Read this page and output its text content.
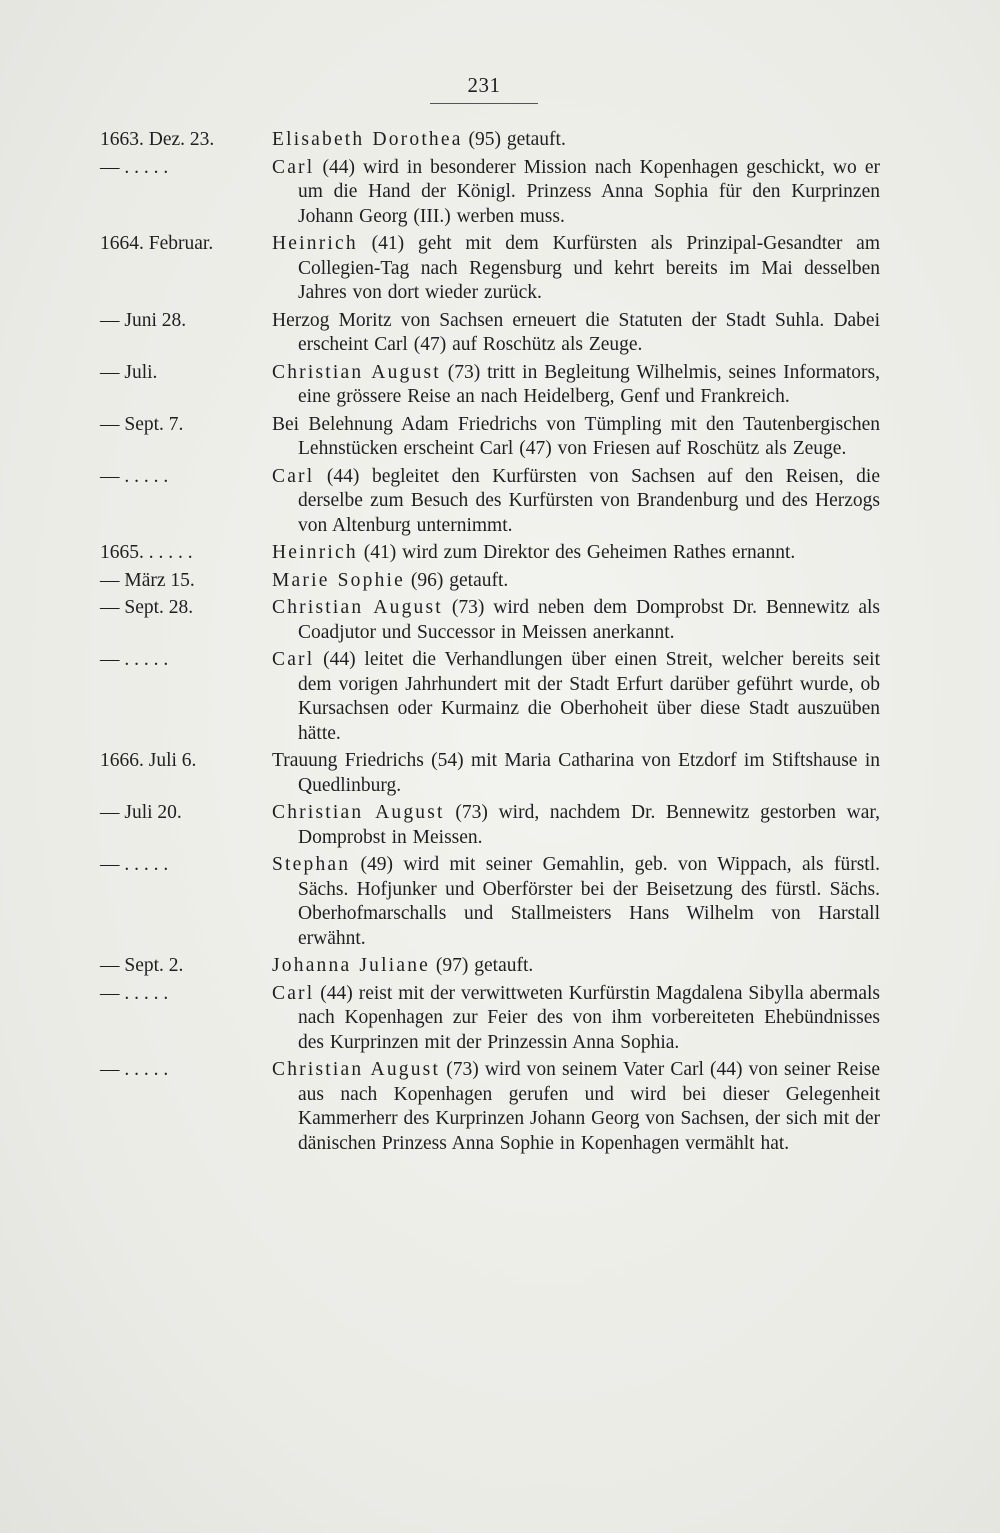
231
1663. Dez. 23.	Elisabeth Dorothea (95) getauft.
— . . . . .	Carl (44) wird in besonderer Mission nach Kopenhagen geschickt, wo er um die Hand der Königl. Prinzess Anna Sophia für den Kurprinzen Johann Georg (III.) werben muss.
1664. Februar.	Heinrich (41) geht mit dem Kurfürsten als Prinzipal-Gesandter am Collegien-Tag nach Regensburg und kehrt bereits im Mai desselben Jahres von dort wieder zurück.
— Juni 28.	Herzog Moritz von Sachsen erneuert die Statuten der Stadt Suhla. Dabei erscheint Carl (47) auf Roschütz als Zeuge.
— Juli.	Christian August (73) tritt in Begleitung Wilhelmis, seines Informators, eine grössere Reise an nach Heidelberg, Genf und Frankreich.
— Sept. 7.	Bei Belehnung Adam Friedrichs von Tümpling mit den Tautenbergischen Lehnstücken erscheint Carl (47) von Friesen auf Roschütz als Zeuge.
— . . . . .	Carl (44) begleitet den Kurfürsten von Sachsen auf den Reisen, die derselbe zum Besuch des Kurfürsten von Brandenburg und des Herzogs von Altenburg unternimmt.
1665. . . . . .	Heinrich (41) wird zum Direktor des Geheimen Rathes ernannt.
— März 15.	Marie Sophie (96) getauft.
— Sept. 28.	Christian August (73) wird neben dem Domprobst Dr. Bennewitz als Coadjutor und Successor in Meissen anerkannt.
— . . . . .	Carl (44) leitet die Verhandlungen über einen Streit, welcher bereits seit dem vorigen Jahrhundert mit der Stadt Erfurt darüber geführt wurde, ob Kursachsen oder Kurmainz die Oberhoheit über diese Stadt auszuüben hätte.
1666. Juli 6.	Trauung Friedrichs (54) mit Maria Catharina von Etzdorf im Stiftshause in Quedlinburg.
— Juli 20.	Christian August (73) wird, nachdem Dr. Bennewitz gestorben war, Domprobst in Meissen.
— . . . . .	Stephan (49) wird mit seiner Gemahlin, geb. von Wippach, als fürstl. Sächs. Hofjunker und Oberförster bei der Beisetzung des fürstl. Sächs. Oberhofmarschalls und Stallmeisters Hans Wilhelm von Harstall erwähnt.
— Sept. 2.	Johanna Juliane (97) getauft.
— . . . . .	Carl (44) reist mit der verwittweten Kurfürstin Magdalena Sibylla abermals nach Kopenhagen zur Feier des von ihm vorbereiteten Ehebündnisses des Kurprinzen mit der Prinzessin Anna Sophia.
— . . . . .	Christian August (73) wird von seinem Vater Carl (44) von seiner Reise aus nach Kopenhagen gerufen und wird bei dieser Gelegenheit Kammerherr des Kurprinzen Johann Georg von Sachsen, der sich mit der dänischen Prinzess Anna Sophie in Kopenhagen vermählt hat.
